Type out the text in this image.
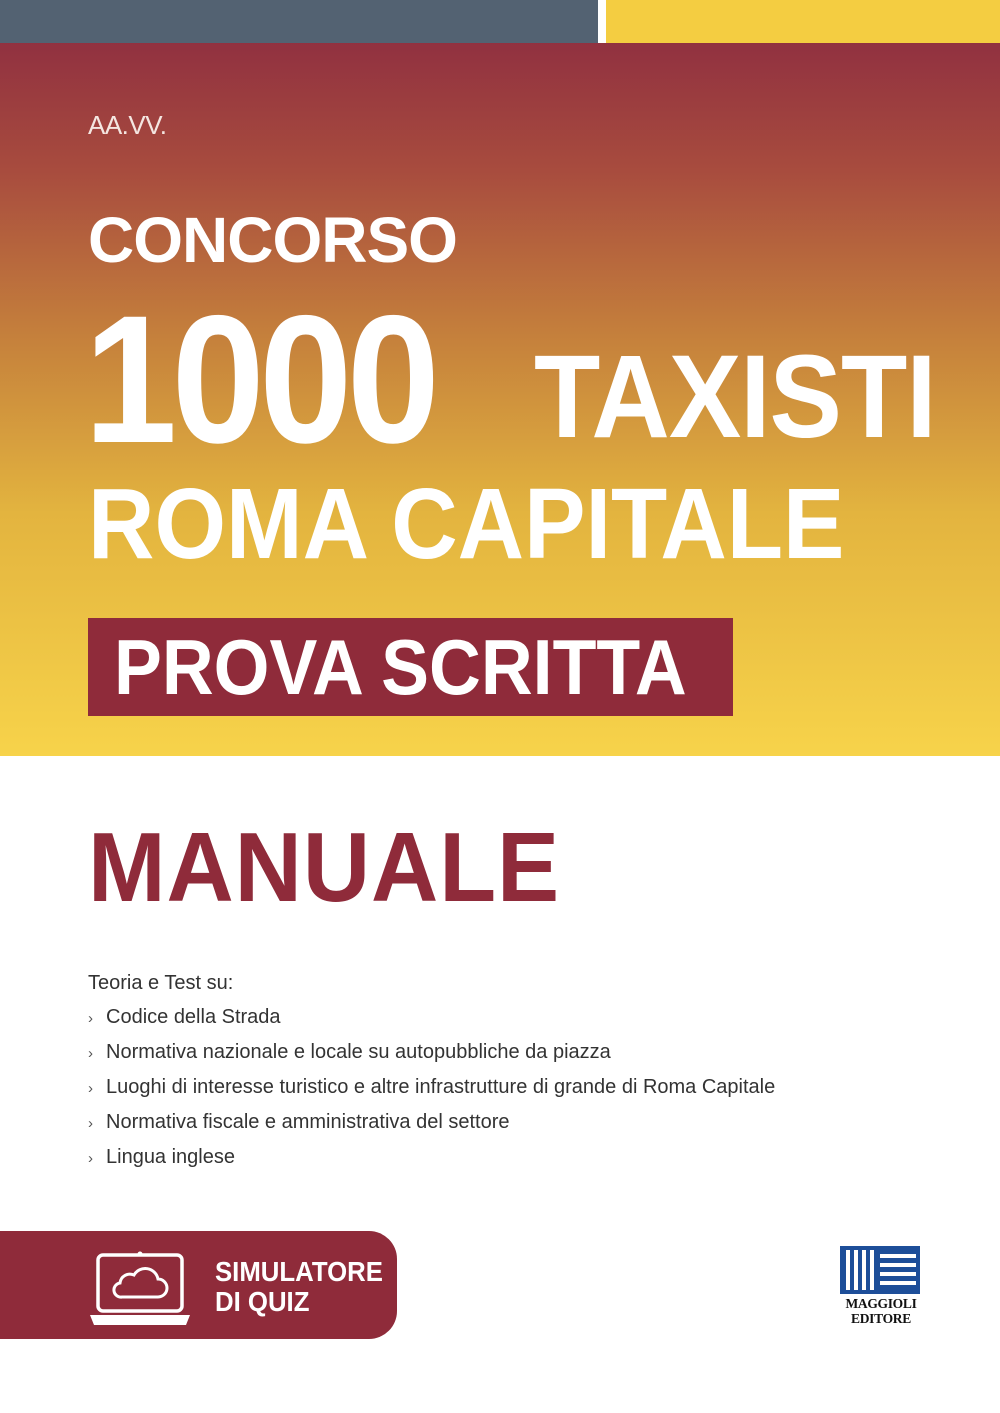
AA.VV.

CONCORSO
1000 TAXISTI
ROMA CAPITALE

PROVA SCRITTA

MANUALE

Teoria e Test su:

› Codice della Strada
› Normativa nazionale e locale su autopubbliche da piazza
› Luoghi di interesse turistico e altre infrastrutture di grande di Roma Capitale
› Normativa fiscale e amministrativa del settore
› Lingua inglese

SIMULATORE
DI QUIZ	MAGGIOLI
EDITORE
